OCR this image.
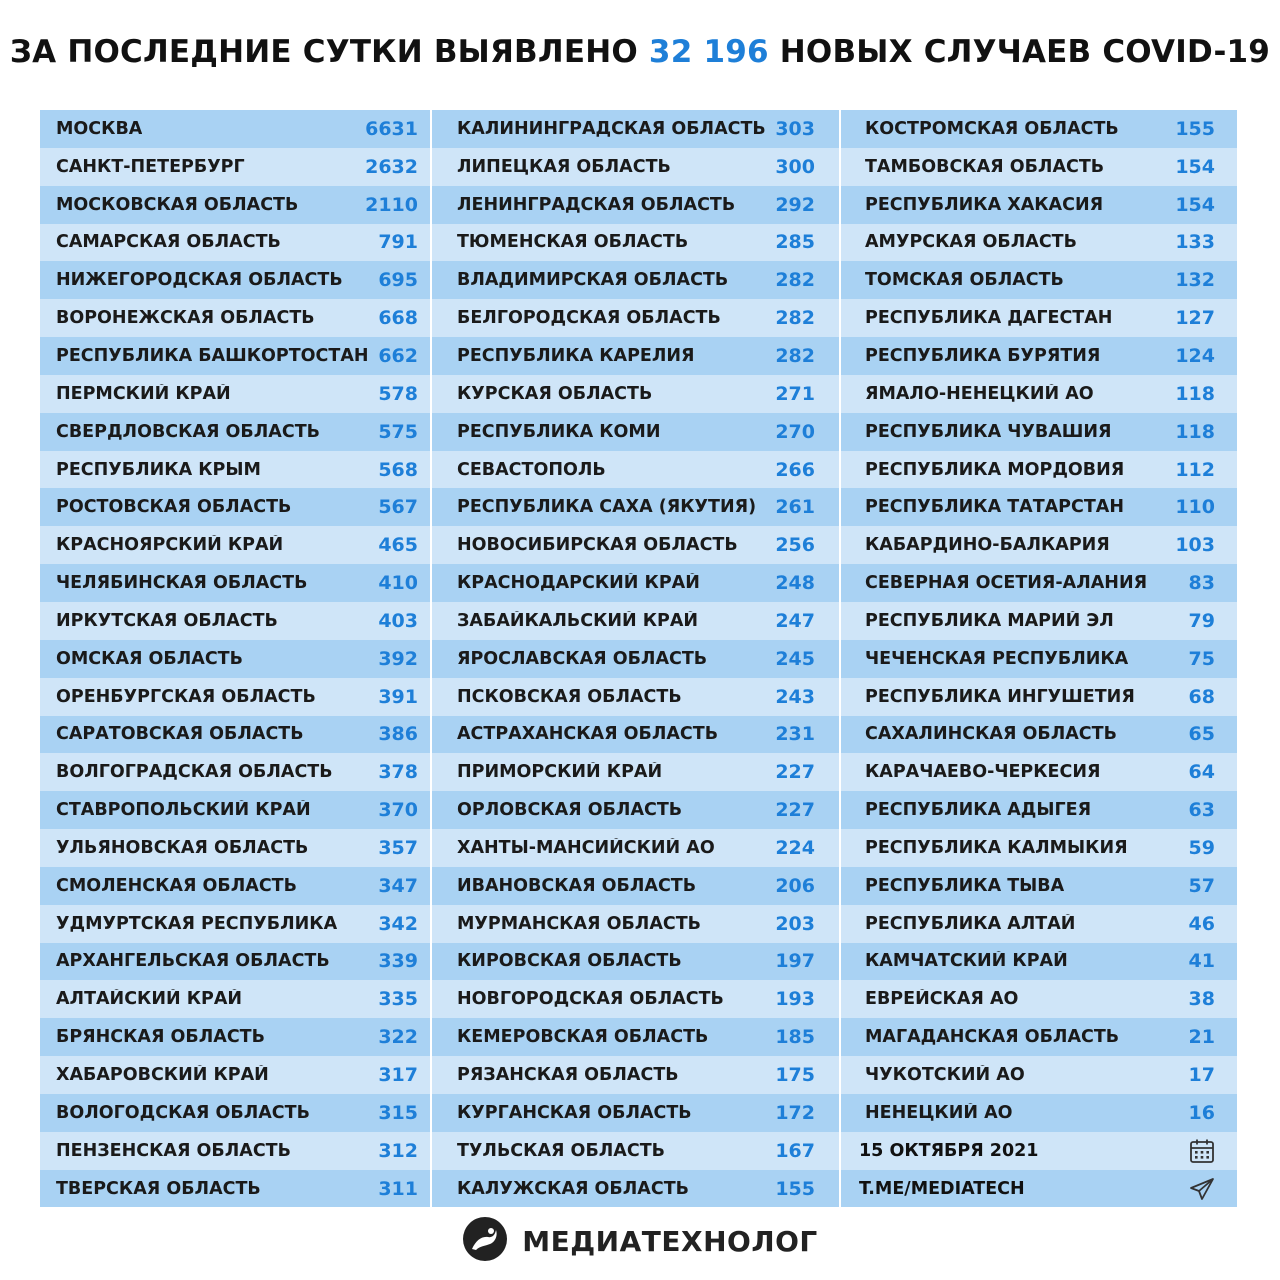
ЗА ПОСЛЕДНИЕ СУТКИ ВЫЯВЛЕНО 32 196 НОВЫХ СЛУЧАЕВ COVID-19
МОСКВА	6631
САНКТ-ПЕТЕРБУРГ	2632
МОСКОВСКАЯ ОБЛАСТЬ	2110
САМАРСКАЯ ОБЛАСТЬ	791
НИЖЕГОРОДСКАЯ ОБЛАСТЬ 695
ВОРОНЕЖСКАЯ ОБЛАСТЬ	668
РЕСПУБЛИКА БАШКОРТОСТАН 662
ПЕРМСКИЙ КРАЙ	578
СВЕРДЛОВСКАЯ ОБЛАСТЬ	575
РЕСПУБЛИКА КРЫМ	568
РОСТОВСКАЯ ОБЛАСТЬ	567
КРАСНОЯРСКИЙ КРАЙ	465
ЧЕЛЯБИНСКАЯ ОБЛАСТЬ	410
ИРКУТСКАЯ ОБЛАСТЬ	403
ОМСКАЯ ОБЛАСТЬ	392
ОРЕНБУРГСКАЯ ОБЛАСТЬ	391
САРАТОВСКАЯ ОБЛАСТЬ	386
ВОЛГОГРАДСКАЯ ОБЛАСТЬ 378
СТАВРОПОЛЬСКИЙ КРАЙ	370
УЛЬЯНОВСКАЯ ОБЛАСТЬ	357
СМОЛЕНСКАЯ ОБЛАСТЬ	347
УДМУРТСКАЯ РЕСПУБЛИКА 342
АРХАНГЕЛЬСКАЯ ОБЛАСТЬ	339
АЛТАЙСКИЙ КРАЙ	335
БРЯНСКАЯ ОБЛАСТЬ	322
ХАБАРОВСКИЙ КРАЙ	317
ВОЛОГОДСКАЯ ОБЛАСТЬ	315
ПЕНЗЕНСКАЯ ОБЛАСТЬ	312
ТВЕРСКАЯ ОБЛАСТЬ	311
КАЛИНИНГРАДСКАЯ ОБЛАСТЬ 303
ЛИПЕЦКАЯ ОБЛАСТЬ	300
ЛЕНИНГРАДСКАЯ ОБЛАСТЬ 292
ТЮМЕНСКАЯ ОБЛАСТЬ	285
ВЛАДИМИРСКАЯ ОБЛАСТЬ 282
БЕЛГОРОДСКАЯ ОБЛАСТЬ	282
РЕСПУБЛИКА КАРЕЛИЯ	282
КУРСКАЯ ОБЛАСТЬ	271
РЕСПУБЛИКА КОМИ	270
СЕВАСТОПОЛЬ	266
РЕСПУБЛИКА САХА (ЯКУТИЯ) 261
НОВОСИБИРСКАЯ ОБЛАСТЬ 256
КРАСНОДАРСКИЙ КРАЙ	248
ЗАБАЙКАЛЬСКИЙ КРАЙ	247
ЯРОСЛАВСКАЯ ОБЛАСТЬ	245
ПСКОВСКАЯ ОБЛАСТЬ	243
АСТРАХАНСКАЯ ОБЛАСТЬ	231
ПРИМОРСКИЙ КРАЙ	227
ОРЛОВСКАЯ ОБЛАСТЬ	227
ХАНТЫ-МАНСИЙСКИЙ АО	224
ИВАНОВСКАЯ ОБЛАСТЬ	206
МУРМАНСКАЯ ОБЛАСТЬ	203
КИРОВСКАЯ ОБЛАСТЬ	197
НОВГОРОДСКАЯ ОБЛАСТЬ	193
КЕМЕРОВСКАЯ ОБЛАСТЬ	185
РЯЗАНСКАЯ ОБЛАСТЬ	175
КУРГАНСКАЯ ОБЛАСТЬ	172
ТУЛЬСКАЯ ОБЛАСТЬ	167
КАЛУЖСКАЯ ОБЛАСТЬ	155
КОСТРОМСКАЯ ОБЛАСТЬ	155
ТАМБОВСКАЯ ОБЛАСТЬ	154
РЕСПУБЛИКА ХАКАСИЯ	154
АМУРСКАЯ ОБЛАСТЬ	133
ТОМСКАЯ ОБЛАСТЬ	132
РЕСПУБЛИКА ДАГЕСТАН	127
РЕСПУБЛИКА БУРЯТИЯ	124
ЯМАЛО-НЕНЕЦКИЙ АО	118
РЕСПУБЛИКА ЧУВАШИЯ	118
РЕСПУБЛИКА МОРДОВИЯ	112
РЕСПУБЛИКА ТАТАРСТАН	110
КАБАРДИНО-БАЛКАРИЯ	103
СЕВЕРНАЯ ОСЕТИЯ-АЛАНИЯ 83
РЕСПУБЛИКА МАРИЙ ЭЛ	79
ЧЕЧЕНСКАЯ РЕСПУБЛИКА	75
РЕСПУБЛИКА ИНГУШЕТИЯ	68
САХАЛИНСКАЯ ОБЛАСТЬ	65
КАРАЧАЕВО-ЧЕРКЕСИЯ	64
РЕСПУБЛИКА АДЫГЕЯ	63
РЕСПУБЛИКА КАЛМЫКИЯ	59
РЕСПУБЛИКА ТЫВА	57
РЕСПУБЛИКА АЛТАЙ	46
КАМЧАТСКИЙ КРАЙ	41
ЕВРЕЙСКАЯ АО	38
МАГАДАНСКАЯ ОБЛАСТЬ	21
ЧУКОТСКИЙ АО	17
НЕНЕЦКИЙ АО	16
15 ОКТЯБРЯ 2021
T.ME/MEDIATECH
МЕДИАТЕХНОЛОГ
